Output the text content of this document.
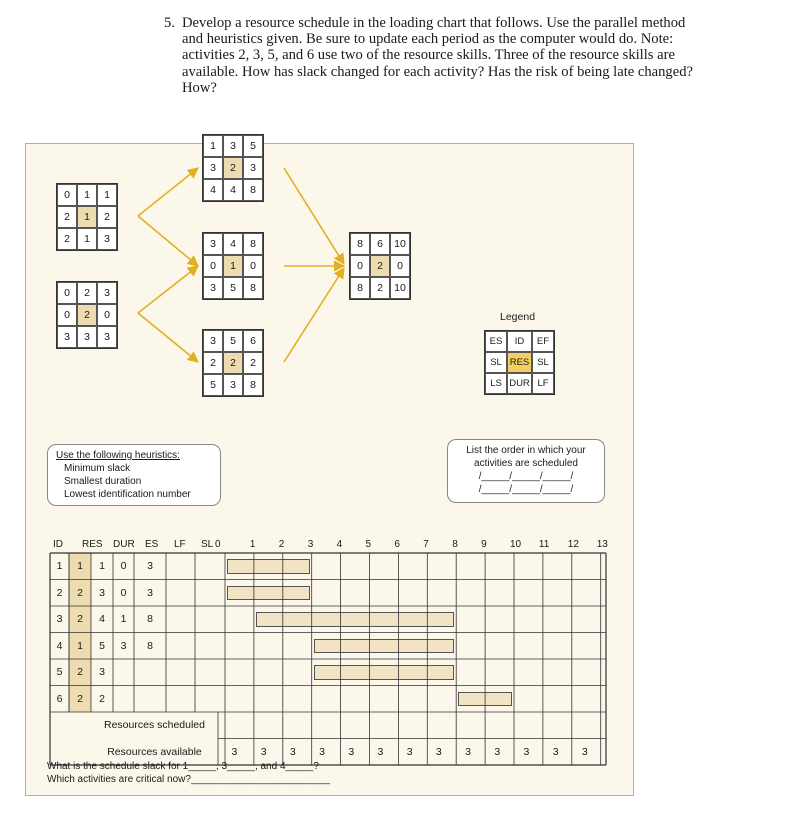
5. Develop a resource schedule in the loading chart that follows. Use the parallel method and heuristics given. Be sure to update each period as the computer would do. Note: activities 2, 3, 5, and 6 use two of the resource skills. Three of the resource skills are available. How has slack changed for each activity? Has the risk of being late changed? How?
0	1	1
2	1	2
2	1	3
0	2	3
0	2	0
3	3	3
1	3	5
3	2	3
4	4	8
3	4	8
0	1	0
3	5	8
3	5	6
2	2	2
5	3	8
8	6	10
0	2	0
8	2	10
Legend
ES	ID	EF
SL RES SL
LS DUR LF
Use the following heuristics:
Minimum slack
Smallest duration
Lowest identification number
List the order in which your
activities are scheduled
/_____/_____/_____/
/_____/_____/_____/
ID RES DUR ES LF SL 0	1 2 3 4 5 6 7 8 9 10 11 12 13
1	1	1	0	3
2	2	3	0	3
3	2	4	1	8
4	1	5	3	8
5	2	3
6	2	2
Resources scheduled
Resources available	3	3	3	3	3	3	3	3	3	3	3	3	3
What is the schedule slack for 1_____, 3_____, and 4_____?
Which activities are critical now?_________________________
